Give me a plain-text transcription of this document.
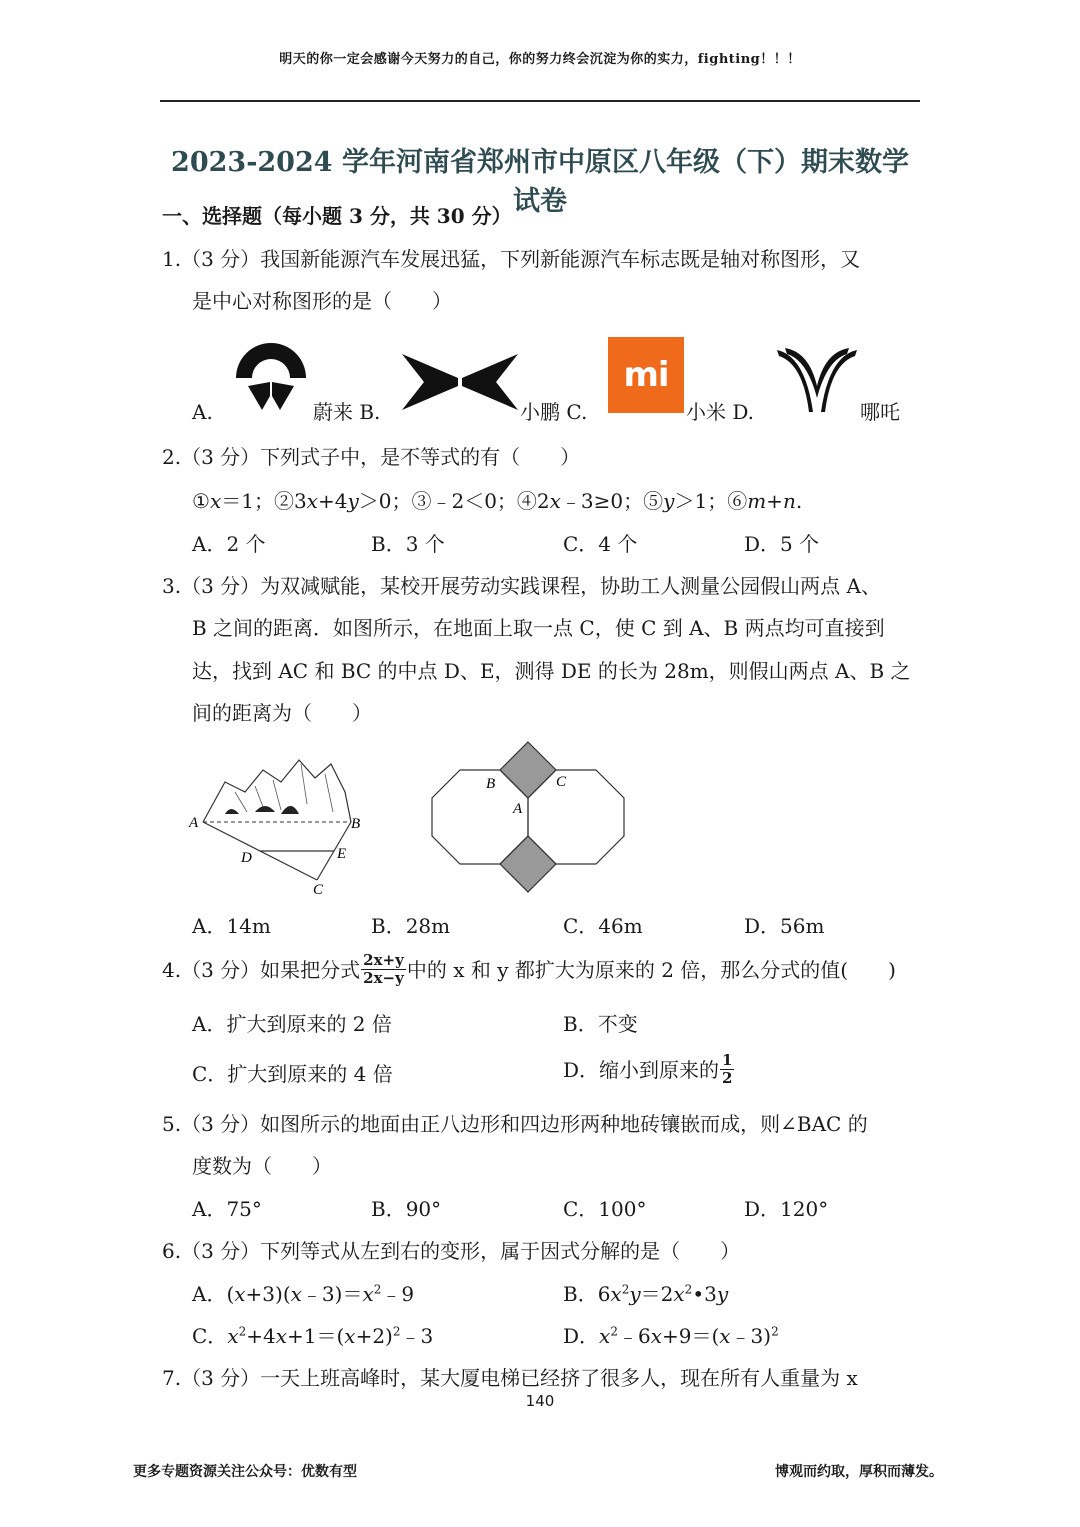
明天的你一定会感谢今天努力的自己，你的努力终会沉淀为你的实力，fighting！！！
2023-2024 学年河南省郑州市中原区八年级（下）期末数学试卷
一、选择题（每小题 3 分，共 30 分）
1.（3 分）我国新能源汽车发展迅猛，下列新能源汽车标志既是轴对称图形，又
是中心对称图形的是（　　）
A.	蔚来 B.	小鹏 C.
mi
小米 D.	哪吒
2.（3 分）下列式子中，是不等式的有（　　）
①x＝1；②3x+4y＞0；③﹣2＜0；④2x﹣3≥0；⑤y＞1；⑥m+n.
A．2 个	B．3 个	C．4 个	D．5 个
3.（3 分）为双减赋能，某校开展劳动实践课程，协助工人测量公园假山两点 A、
B 之间的距离．如图所示，在地面上取一点 C，使 C 到 A、B 两点均可直接到
达，找到 AC 和 BC 的中点 D、E，测得 DE 的长为 28m，则假山两点 A、B 之
间的距离为（　　）
A	B
D	E
C
B	C
A
A．14m	B．28m	C．46m	D．56m
4.（3 分）如果把分式 $\frac{2x+y}{2x-y}$ 中的 x 和 y 都扩大为原来的 2 倍，那么分式的值(　　)
A．扩大到原来的 2 倍	B．不变
C．扩大到原来的 4 倍	D．缩小到原来的 $\frac{1}{2}$
5.（3 分）如图所示的地面由正八边形和四边形两种地砖镶嵌而成，则∠BAC 的
度数为（　　）
A．75°	B．90°	C．100°	D．120°
6.（3 分）下列等式从左到右的变形，属于因式分解的是（　　）
A．$(x+3)(x﹣3)=x^2﹣9$	B．$6x^2y=2x^2•3y$
C．$x^2+4x+1=(x+2)^2﹣3$	D．$x^2﹣6x+9=(x﹣3)^2$
7.（3 分）一天上班高峰时，某大厦电梯已经挤了很多人，现在所有人重量为 x
140
更多专题资源关注公众号：优数有型	博观而约取，厚积而薄发。
